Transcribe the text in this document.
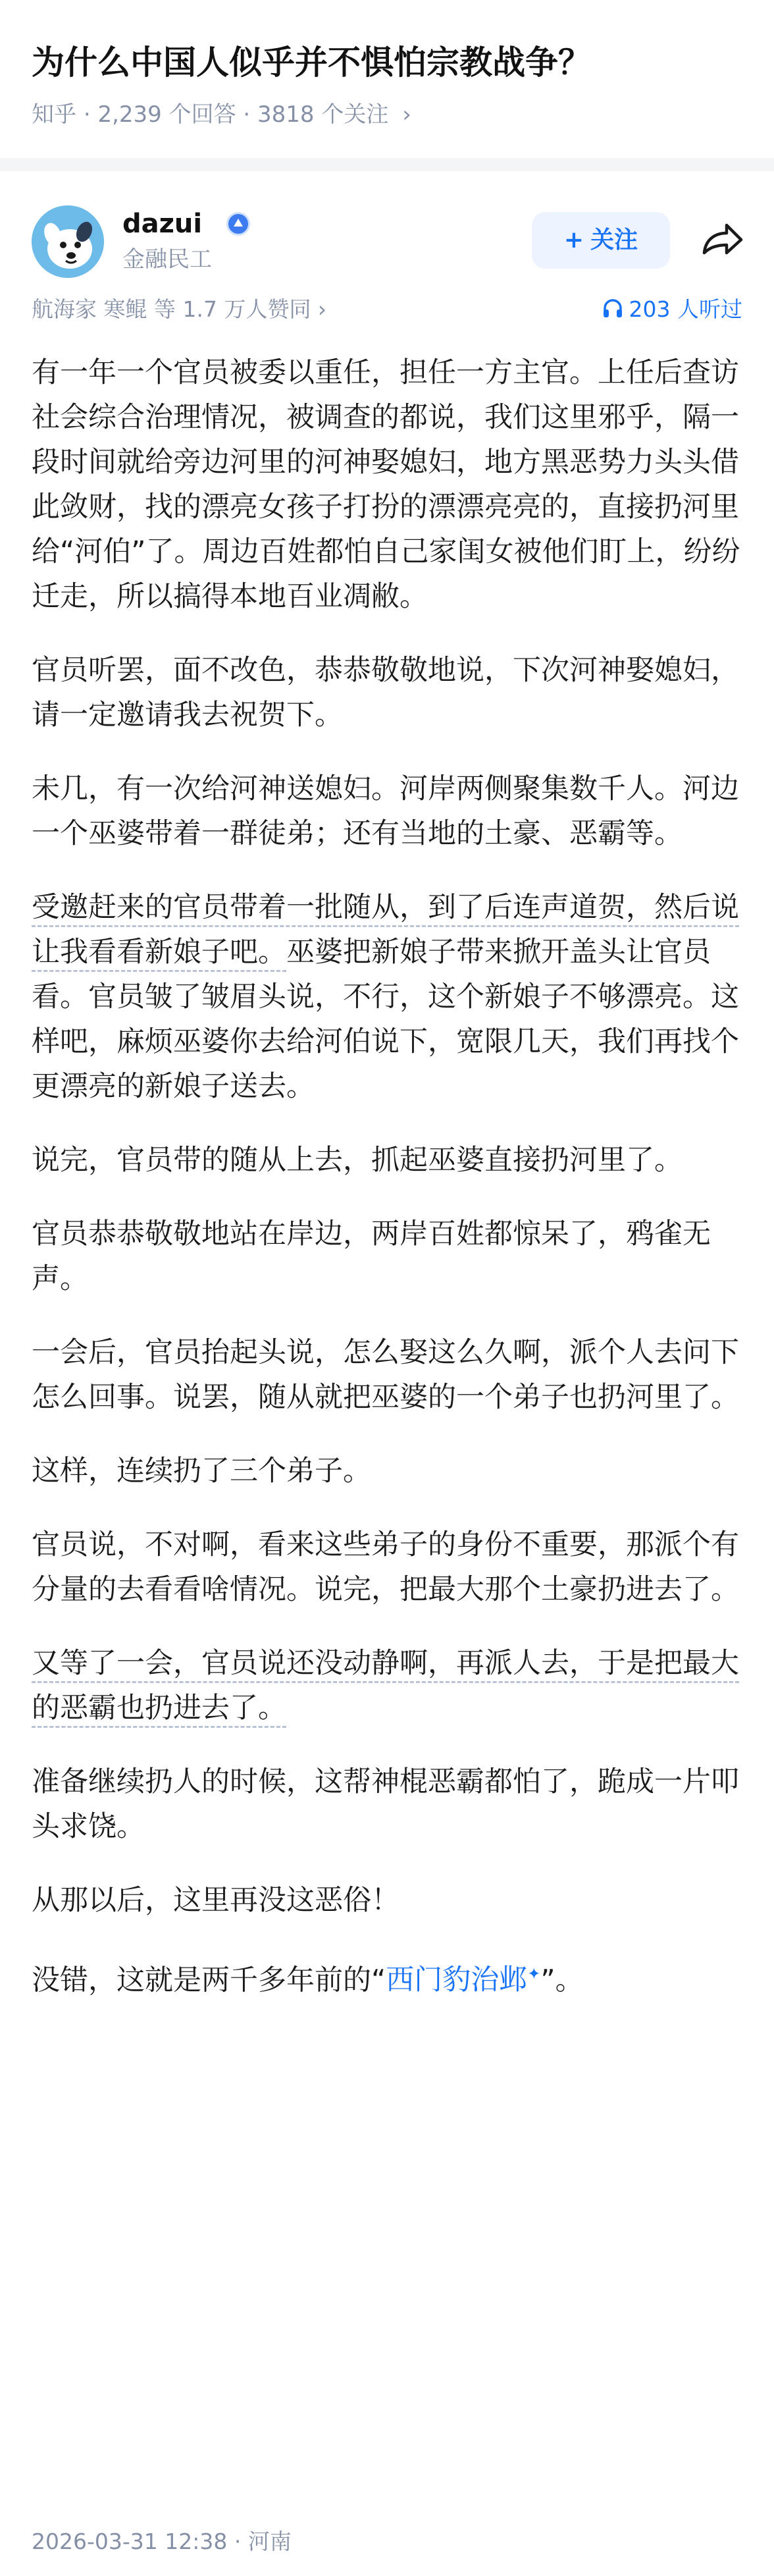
为什么中国人似乎并不惧怕宗教战争？
知乎 · 2,239 个回答 · 3818 个关注 ›
dazui
金融民工
+ 关注
航海家 寒鲲 等 1.7 万人赞同 ›	203 人听过

有一年一个官员被委以重任，担任一方主官。上任后查访社会综合治理情况，被调查的都说，我们这里邪乎，隔一段时间就给旁边河里的河神娶媳妇，地方黑恶势力头头借此敛财，找的漂亮女孩子打扮的漂漂亮亮的，直接扔河里给“河伯”了。周边百姓都怕自己家闺女被他们盯上，纷纷迁走，所以搞得本地百业凋敝。

官员听罢，面不改色，恭恭敬敬地说，下次河神娶媳妇，请一定邀请我去祝贺下。

未几，有一次给河神送媳妇。河岸两侧聚集数千人。河边一个巫婆带着一群徒弟；还有当地的土豪、恶霸等。

受邀赶来的官员带着一批随从，到了后连声道贺，然后说让我看看新娘子吧。巫婆把新娘子带来掀开盖头让官员看。官员皱了皱眉头说，不行，这个新娘子不够漂亮。这样吧，麻烦巫婆你去给河伯说下，宽限几天，我们再找个更漂亮的新娘子送去。

说完，官员带的随从上去，抓起巫婆直接扔河里了。

官员恭恭敬敬地站在岸边，两岸百姓都惊呆了，鸦雀无声。

一会后，官员抬起头说，怎么娶这么久啊，派个人去问下怎么回事。说罢，随从就把巫婆的一个弟子也扔河里了。

这样，连续扔了三个弟子。

官员说，不对啊，看来这些弟子的身份不重要，那派个有分量的去看看啥情况。说完，把最大那个土豪扔进去了。

又等了一会，官员说还没动静啊，再派人去，于是把最大的恶霸也扔进去了。

准备继续扔人的时候，这帮神棍恶霸都怕了，跪成一片叩头求饶。

从那以后，这里再没这恶俗！

没错，这就是两千多年前的“西门豹治邺✦”。

2026-03-31 12:38 · 河南
